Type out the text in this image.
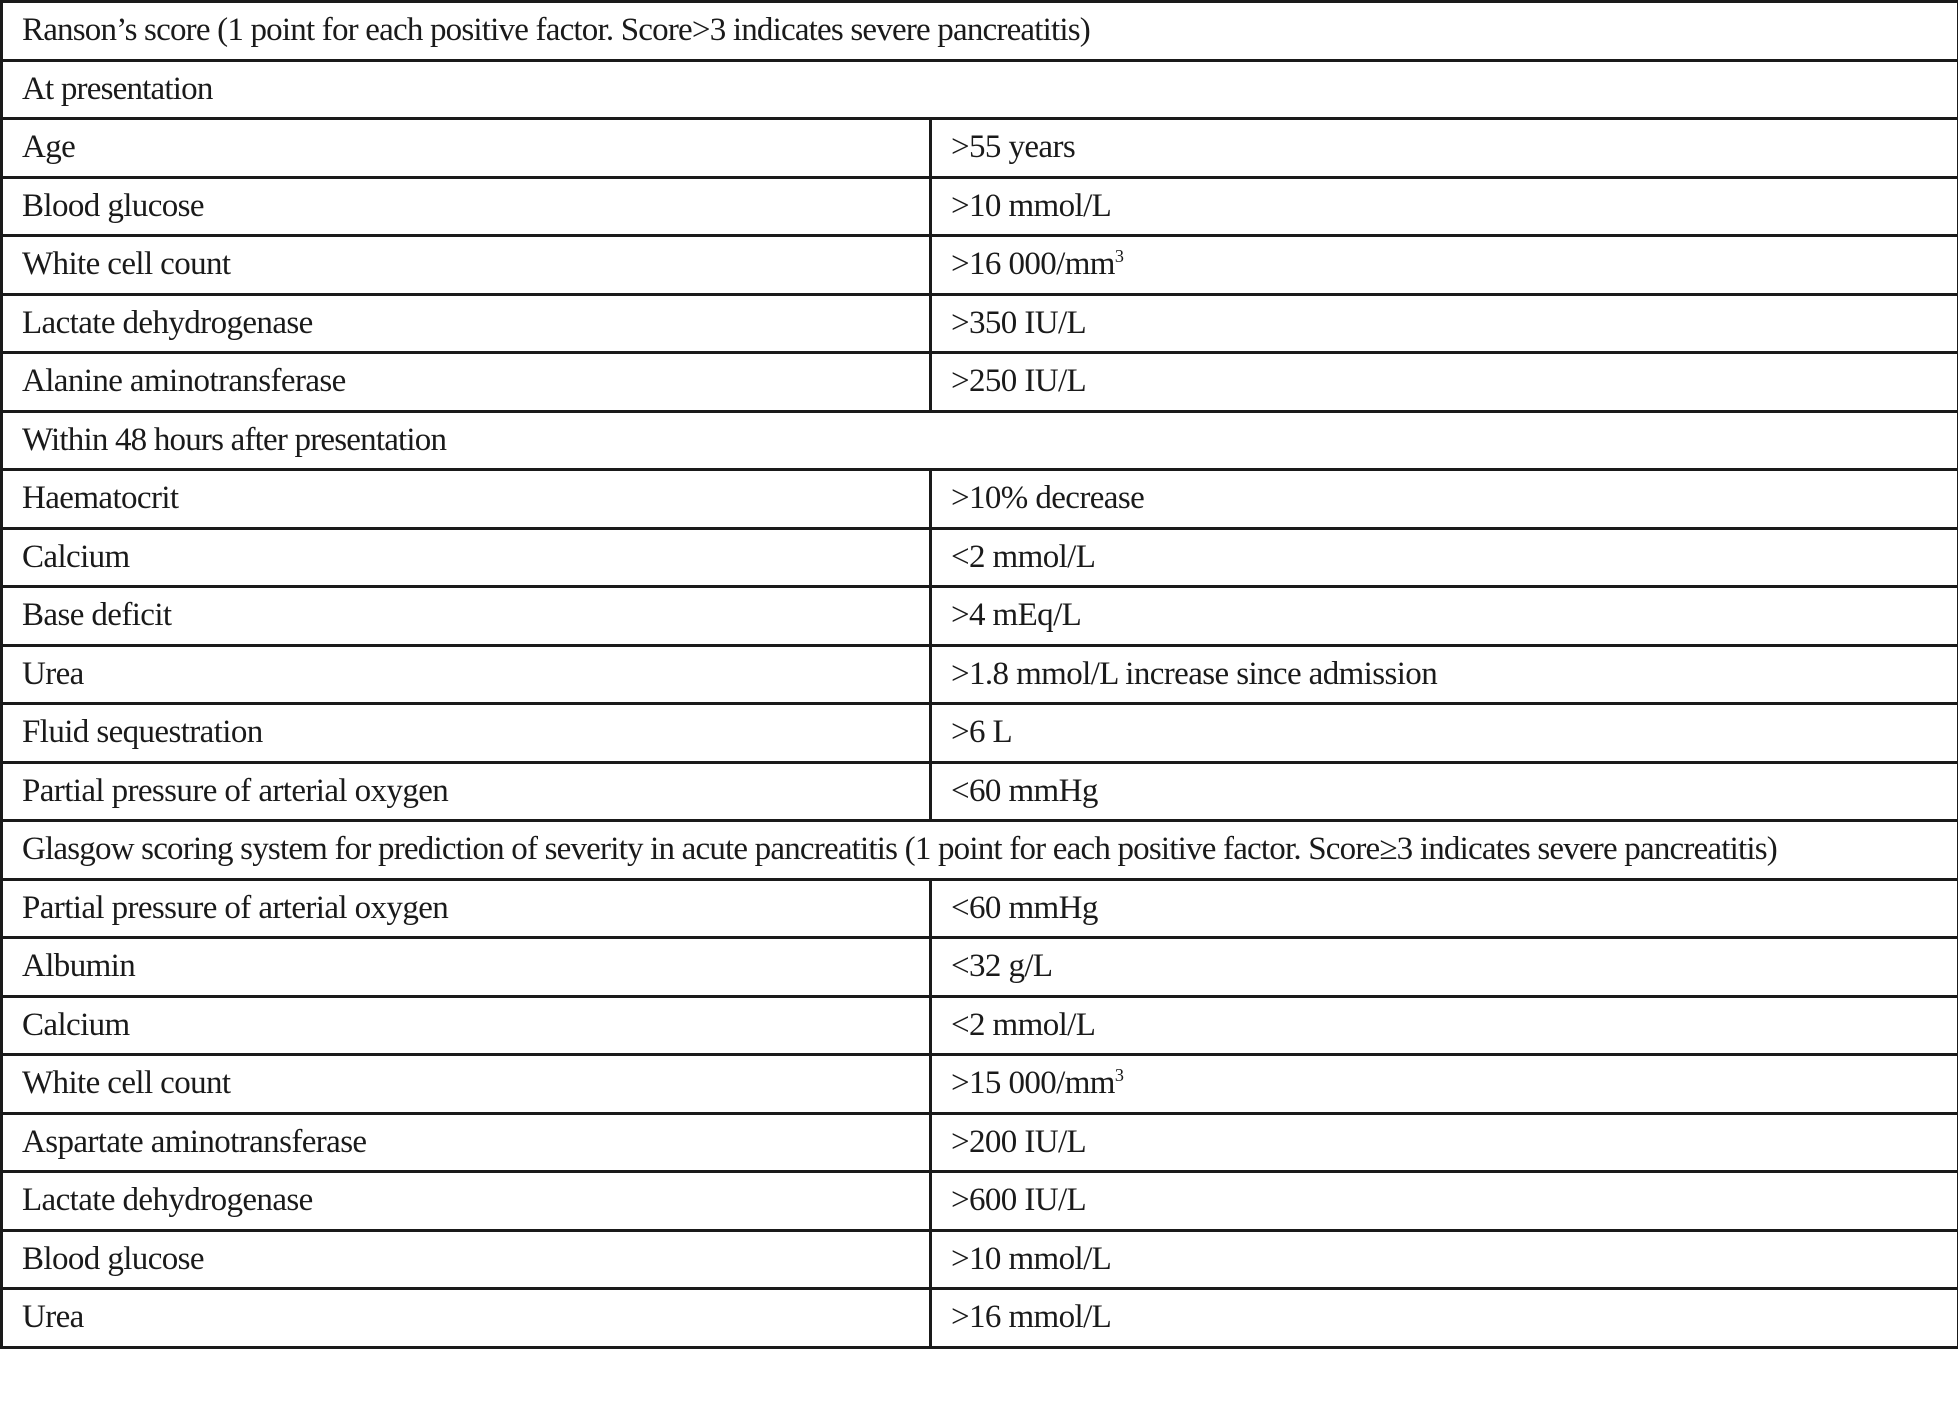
Ranson’s score (1 point for each positive factor. Score>3 indicates severe pancreatitis)	
At presentation	
Age	>55 years
Blood glucose	>10 mmol/L
White cell count	>16 $000/mm^3$
Lactate dehydrogenase	>350 IU/L
Alanine aminotransferase	>250 IU/L
Within 48 hours after presentation	
Haematocrit	>10% decrease
Calcium	<2 mmol/L
Base deficit	>4 mEq/L
Urea	>1.8 mmol/L increase since admission
Fluid sequestration	>6 L
Partial pressure of arterial oxygen	<60 mmHg
Glasgow scoring system for prediction of severity in acute pancreatitis (1 point for each positive factor. Score≥3 indicates severe pancreatitis)	
Partial pressure of arterial oxygen	<60 mmHg
Albumin	<32 g/L
Calcium	<2 mmol/L
White cell count	>15 $000/mm^3$
Aspartate aminotransferase	>200 IU/L
Lactate dehydrogenase	>600 IU/L
Blood glucose	>10 mmol/L
Urea	>16 mmol/L
